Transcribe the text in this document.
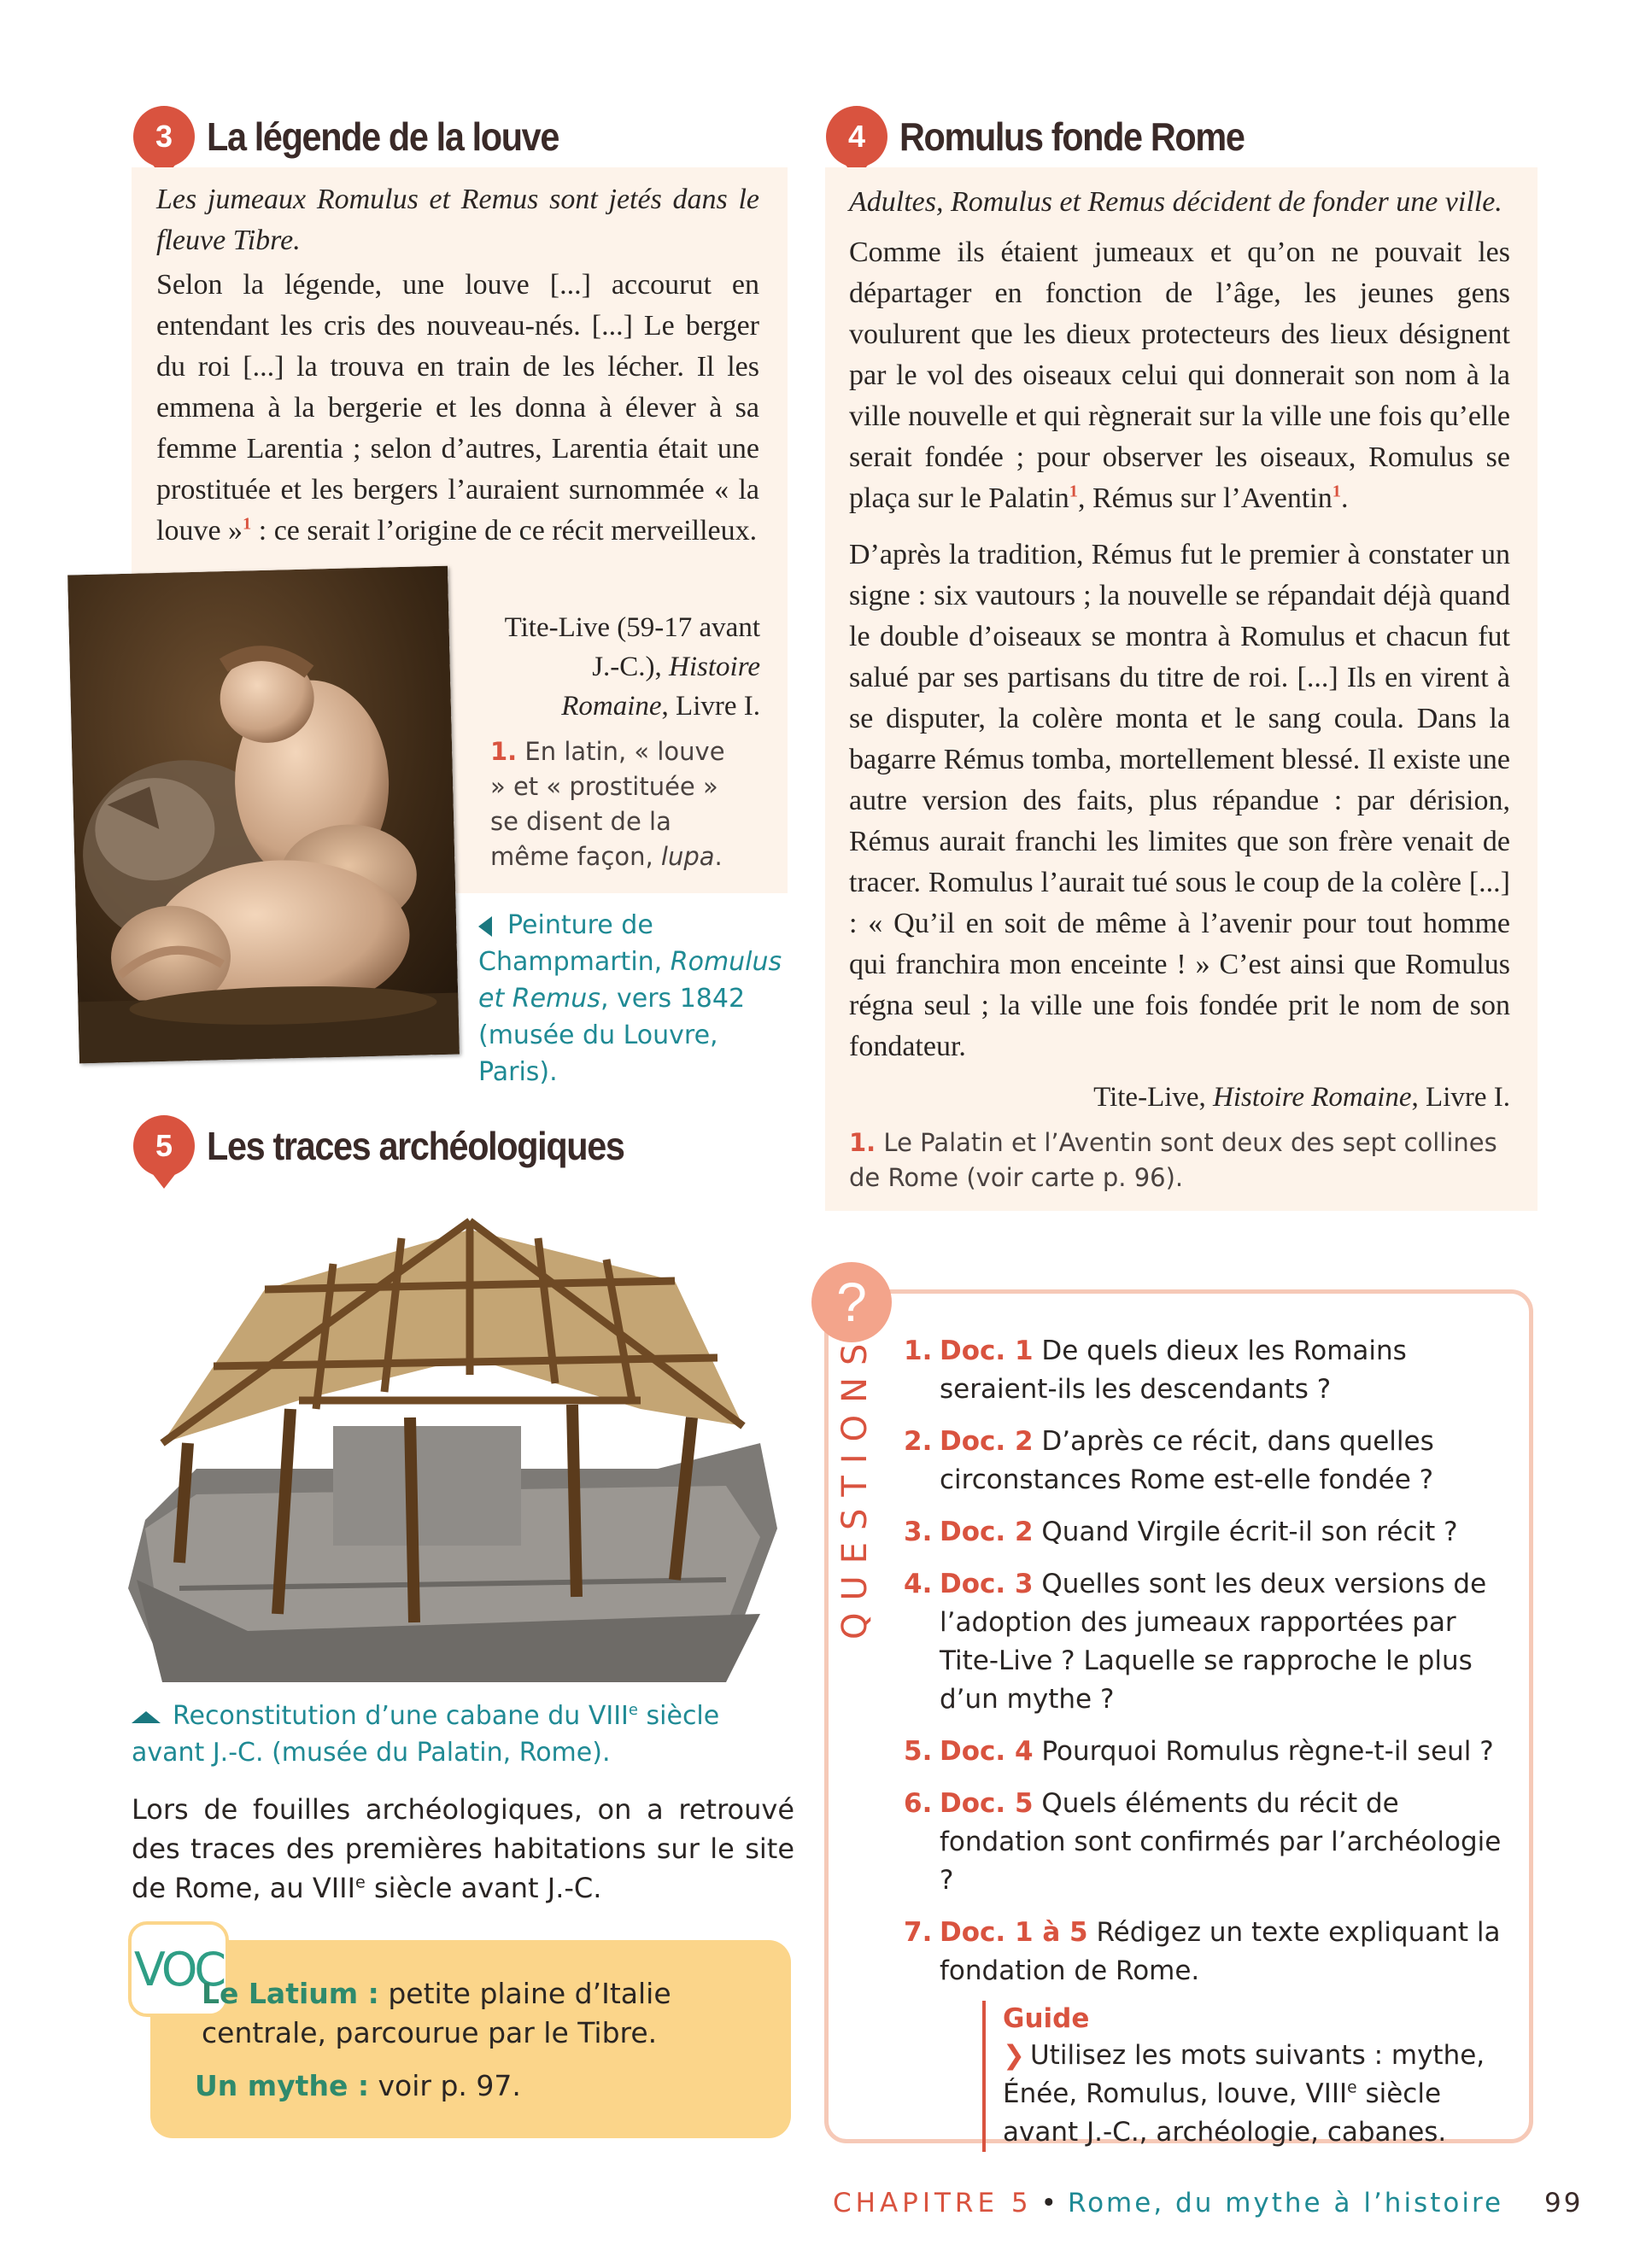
3 La légende de la louve
Les jumeaux Romulus et Remus sont jetés dans le fleuve Tibre.
Selon la légende, une louve [...] accourut en entendant les cris des nouveau-nés. [...] Le berger du roi [...] la trouva en train de les lécher. Il les emmena à la bergerie et les donna à élever à sa femme Larentia ; selon d’autres, Larentia était une prostituée et les bergers l’auraient surnommée « la louve »$^1$ : ce serait l’origine de ce récit merveilleux.
Tite-Live (59-17 avant J.-C.), Histoire Romaine, Livre I.
1. En latin, « louve » et « prostituée » se disent de la même façon, lupa.
Peinture de Champmartin, Romulus et Remus, vers 1842 (musée du Louvre, Paris).
4 Romulus fonde Rome
Adultes, Romulus et Remus décident de fonder une ville.
Comme ils étaient jumeaux et qu’on ne pouvait les départager en fonction de l’âge, les jeunes gens voulurent que les dieux protecteurs des lieux désignent par le vol des oiseaux celui qui donnerait son nom à la ville nouvelle et qui règnerait sur la ville une fois qu’elle serait fondée ; pour observer les oiseaux, Romulus se plaça sur le Palatin$^1$, Rémus sur l’Aventin$^1$.
D’après la tradition, Rémus fut le premier à constater un signe : six vautours ; la nouvelle se répandait déjà quand le double d’oiseaux se montra à Romulus et chacun fut salué par ses partisans du titre de roi. [...] Ils en virent à se disputer, la colère monta et le sang coula. Dans la bagarre Rémus tomba, mortellement blessé. Il existe une autre version des faits, plus répandue : par dérision, Rémus aurait franchi les limites que son frère venait de tracer. Romulus l’aurait tué sous le coup de la colère [...] : « Qu’il en soit de même à l’avenir pour tout homme qui franchira mon enceinte ! » C’est ainsi que Romulus régna seul ; la ville une fois fondée prit le nom de son fondateur.
Tite-Live, Histoire Romaine, Livre I.
1. Le Palatin et l’Aventin sont deux des sept collines de Rome (voir carte p. 96).
5 Les traces archéologiques
Reconstitution d’une cabane du VIIIe siècle avant J.-C. (musée du Palatin, Rome).
Lors de fouilles archéologiques, on a retrouvé des traces des premières habitations sur le site de Rome, au VIIIe siècle avant J.-C.
VOC
Le Latium : petite plaine d’Italie centrale, parcourue par le Tibre.
Un mythe : voir p. 97.
?
QUESTIONS 1. Doc. 1 De quels dieux les Romains seraient-ils les descendants ?
2. Doc. 2 D’après ce récit, dans quelles circonstances Rome est-elle fondée ?
3. Doc. 2 Quand Virgile écrit-il son récit ?
4. Doc. 3 Quelles sont les deux versions de l’adoption des jumeaux rapportées par Tite-Live ? Laquelle se rapproche le plus d’un mythe ?
5. Doc. 4 Pourquoi Romulus règne-t-il seul ?
6. Doc. 5 Quels éléments du récit de fondation sont confirmés par l’archéologie ?
7. Doc. 1 à 5 Rédigez un texte expliquant la fondation de Rome.
Guide
❯ Utilisez les mots suivants : mythe, Énée, Romulus, louve, VIIIe siècle avant J.-C., archéologie, cabanes.
CHAPITRE 5 • Rome, du mythe à l’histoire 99
